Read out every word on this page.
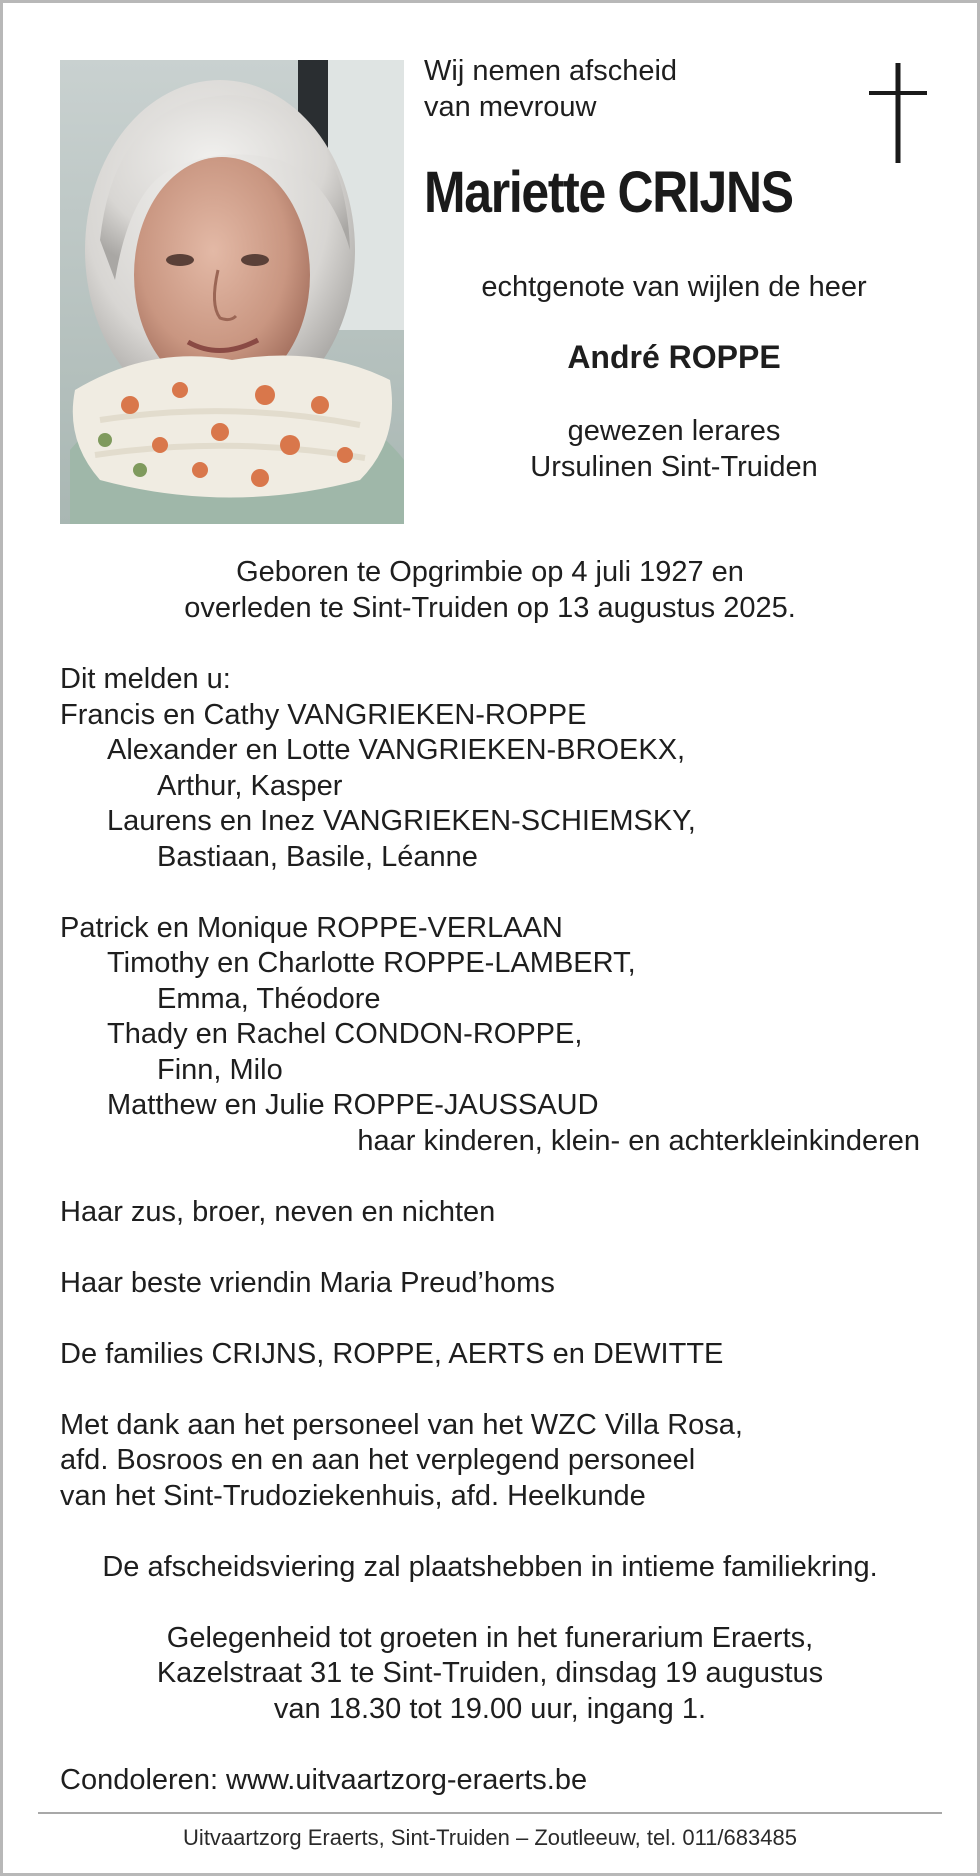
Wij nemen afscheid
van mevrouw
Mariette CRIJNS
echtgenote van wijlen de heer
André ROPPE
gewezen lerares
Ursulinen Sint-Truiden
Geboren te Opgrimbie op 4 juli 1927 en
overleden te Sint-Truiden op 13 augustus 2025.
Dit melden u:
Francis en Cathy VANGRIEKEN-ROPPE
Alexander en Lotte VANGRIEKEN-BROEKX,
Arthur, Kasper
Laurens en Inez VANGRIEKEN-SCHIEMSKY,
Bastiaan, Basile, Léanne
Patrick en Monique ROPPE-VERLAAN
Timothy en Charlotte ROPPE-LAMBERT,
Emma, Théodore
Thady en Rachel CONDON-ROPPE,
Finn, Milo
Matthew en Julie ROPPE-JAUSSAUD
haar kinderen, klein- en achterkleinkinderen
Haar zus, broer, neven en nichten
Haar beste vriendin Maria Preud’homs
De families CRIJNS, ROPPE, AERTS en DEWITTE
Met dank aan het personeel van het WZC Villa Rosa,
afd. Bosroos en en aan het verplegend personeel
van het Sint-Trudoziekenhuis, afd. Heelkunde
De afscheidsviering zal plaatshebben in intieme familiekring.
Gelegenheid tot groeten in het funerarium Eraerts,
Kazelstraat 31 te Sint-Truiden, dinsdag 19 augustus
van 18.30 tot 19.00 uur, ingang 1.
Condoleren: www.uitvaartzorg-eraerts.be
Uitvaartzorg Eraerts, Sint-Truiden – Zoutleeuw, tel. 011/683485
